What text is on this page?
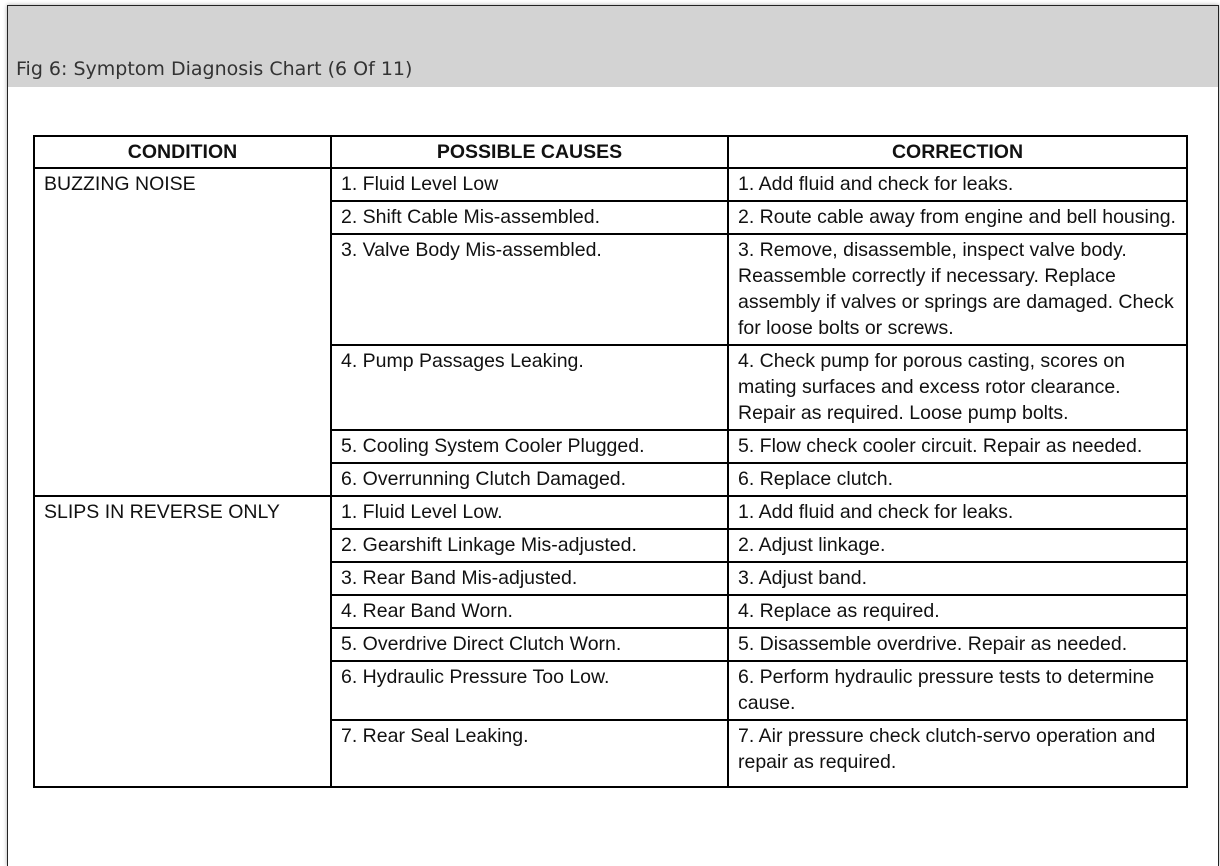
Fig 6: Symptom Diagnosis Chart (6 Of 11)
CONDITION	POSSIBLE CAUSES	CORRECTION
BUZZING NOISE	1. Fluid Level Low	1. Add fluid and check for leaks.
	2. Shift Cable Mis-assembled.	2. Route cable away from engine and bell housing.
	3. Valve Body Mis-assembled.	3. Remove, disassemble, inspect valve body. Reassemble correctly if necessary. Replace assembly if valves or springs are damaged. Check for loose bolts or screws.
	4. Pump Passages Leaking.	4. Check pump for porous casting, scores on mating surfaces and excess rotor clearance. Repair as required. Loose pump bolts.
	5. Cooling System Cooler Plugged.	5. Flow check cooler circuit. Repair as needed.
	6. Overrunning Clutch Damaged.	6. Replace clutch.
SLIPS IN REVERSE ONLY	1. Fluid Level Low.	1. Add fluid and check for leaks.
	2. Gearshift Linkage Mis-adjusted.	2. Adjust linkage.
	3. Rear Band Mis-adjusted.	3. Adjust band.
	4. Rear Band Worn.	4. Replace as required.
	5. Overdrive Direct Clutch Worn.	5. Disassemble overdrive. Repair as needed.
	6. Hydraulic Pressure Too Low.	6. Perform hydraulic pressure tests to determine cause.
	7. Rear Seal Leaking.	7. Air pressure check clutch-servo operation and repair as required.
